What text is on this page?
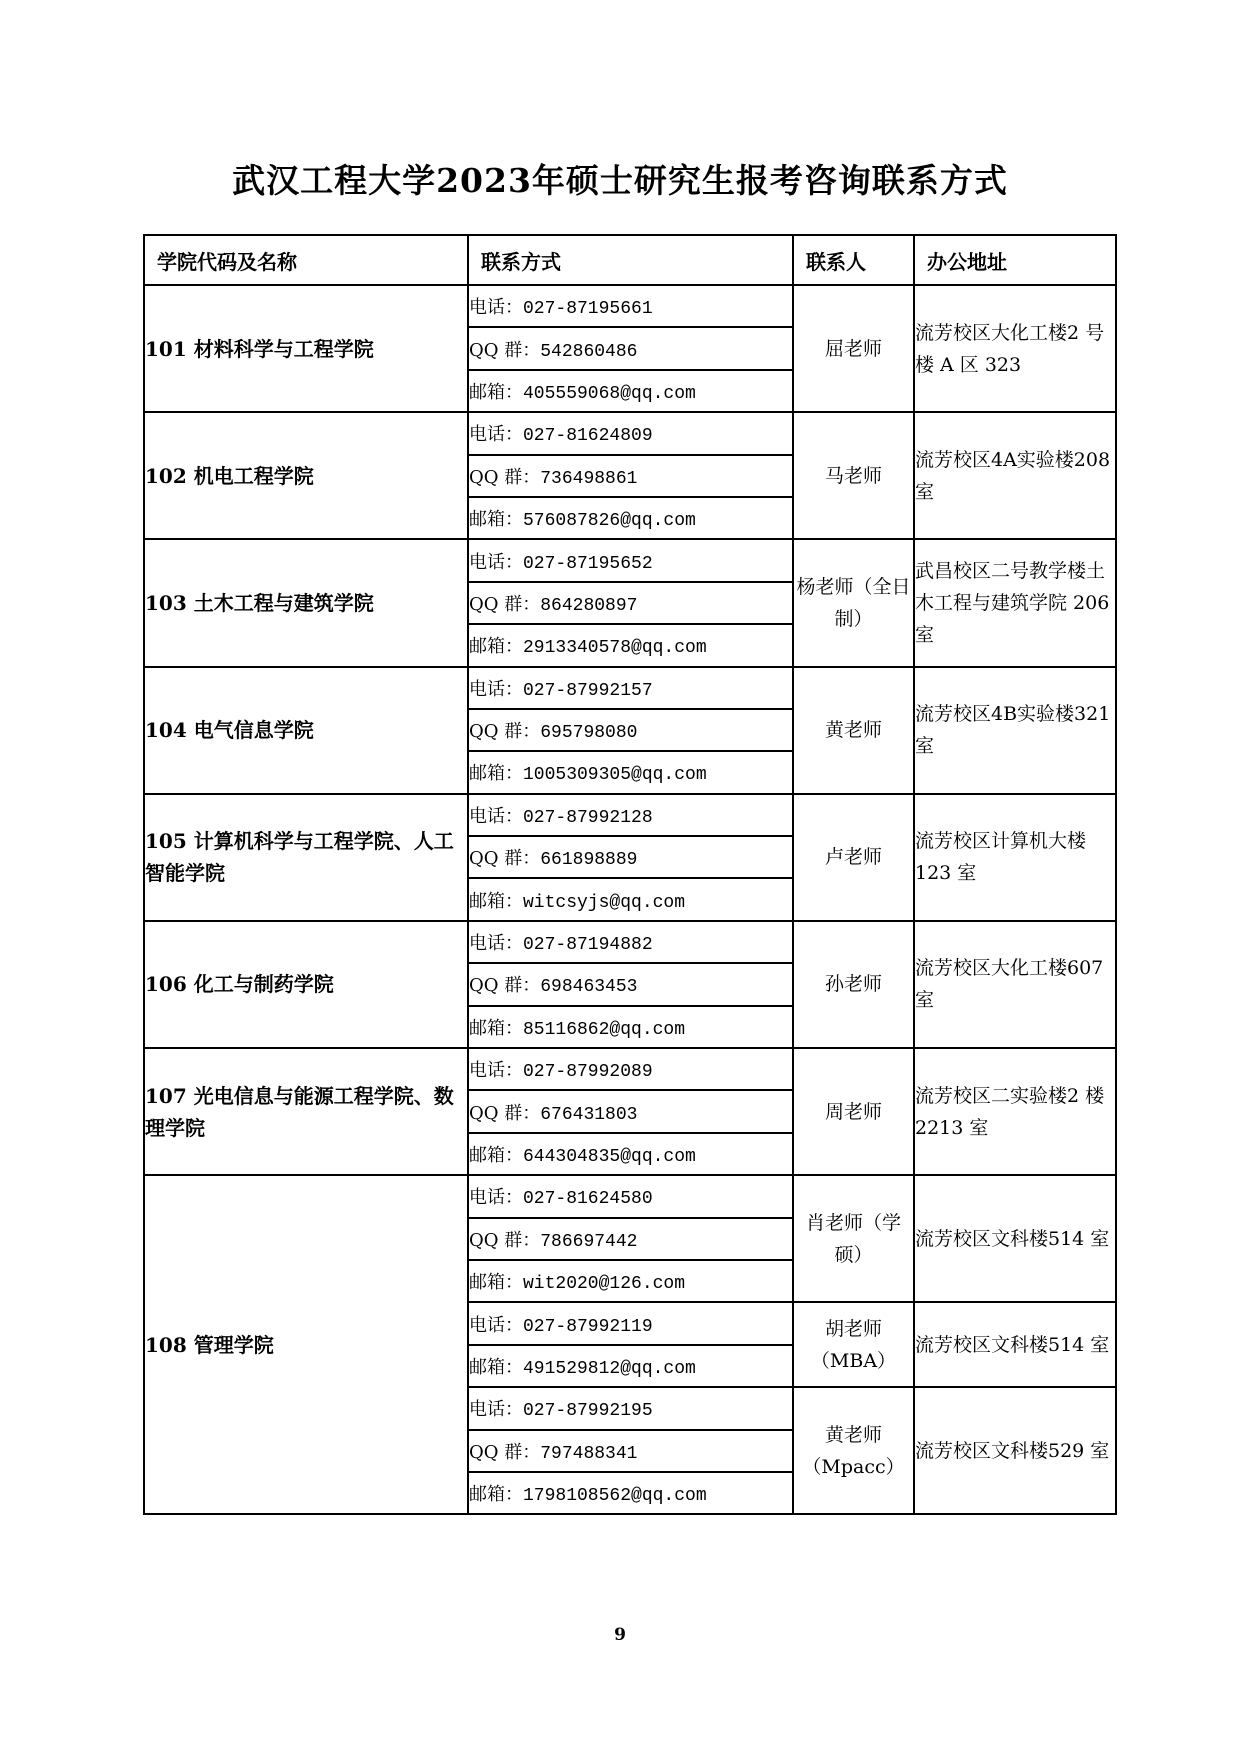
武汉工程大学2023年硕士研究生报考咨询联系方式
学院代码及名称	联系方式	联系人	办公地址
101 材料科学与工程学院	电话：027-87195661	屈老师	流芳校区大化工楼2 号楼 A 区 323
	QQ 群：542860486		
	邮箱：405559068@qq.com		
102 机电工程学院	电话：027-81624809	马老师	流芳校区4A实验楼208 室
	QQ 群：736498861		
	邮箱：576087826@qq.com		
103 土木工程与建筑学院	电话：027-87195652	杨老师（全日制）	武昌校区二号教学楼土木工程与建筑学院 206 室
	QQ 群：864280897		
	邮箱：2913340578@qq.com		
104 电气信息学院	电话：027-87992157	黄老师	流芳校区4B实验楼321 室
	QQ 群：695798080		
	邮箱：1005309305@qq.com		
105 计算机科学与工程学院、人工智能学院	电话：027-87992128	卢老师	流芳校区计算机大楼 123 室
	QQ 群：661898889		
	邮箱：witcsyjs@qq.com		
106 化工与制药学院	电话：027-87194882	孙老师	流芳校区大化工楼607 室
	QQ 群：698463453		
	邮箱：85116862@qq.com		
107 光电信息与能源工程学院、数理学院	电话：027-87992089	周老师	流芳校区二实验楼2 楼 2213 室
	QQ 群：676431803		
	邮箱：644304835@qq.com		
108 管理学院	电话：027-81624580	肖老师（学硕）	流芳校区文科楼514 室
	QQ 群：786697442		
	邮箱：wit2020@126.com		
	电话：027-87992119	胡老师（MBA）	流芳校区文科楼514 室
	邮箱：491529812@qq.com		
	电话：027-87992195	黄老师（Mpacc）	流芳校区文科楼529 室
	QQ 群：797488341		
	邮箱：1798108562@qq.com		
9
